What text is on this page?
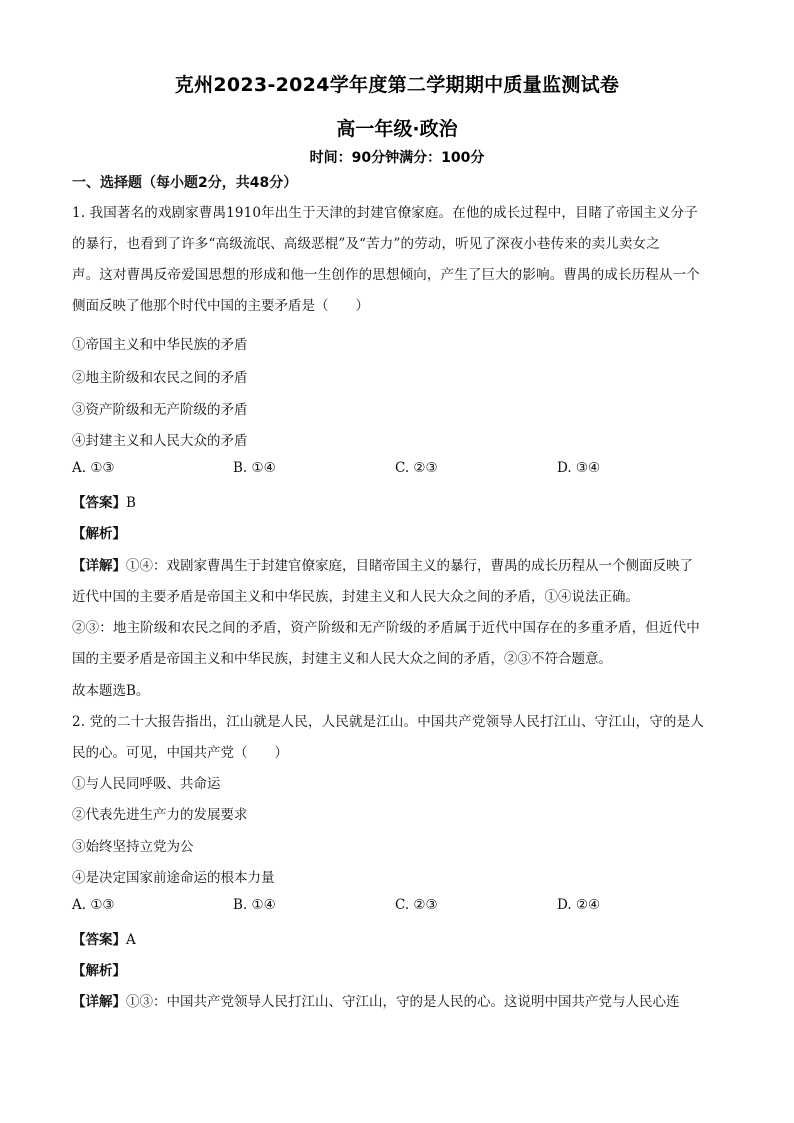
克州2023-2024学年度第二学期期中质量监测试卷
高一年级·政治
时间：90分钟满分：100分
一、选择题（每小题2分，共48分）
1. 我国著名的戏剧家曹禺1910年出生于天津的封建官僚家庭。在他的成长过程中，目睹了帝国主义分子
的暴行，也看到了许多“高级流氓、高级恶棍”及“苦力”的劳动，听见了深夜小巷传来的卖儿卖女之
声。这对曹禺反帝爱国思想的形成和他一生创作的思想倾向，产生了巨大的影响。曹禺的成长历程从一个
侧面反映了他那个时代中国的主要矛盾是（　　）
①帝国主义和中华民族的矛盾
②地主阶级和农民之间的矛盾
③资产阶级和无产阶级的矛盾
④封建主义和人民大众的矛盾
A. ①③	B. ①④	C. ②③	D. ③④
【答案】B
【解析】
【详解】①④：戏剧家曹禺生于封建官僚家庭，目睹帝国主义的暴行，曹禺的成长历程从一个侧面反映了
近代中国的主要矛盾是帝国主义和中华民族，封建主义和人民大众之间的矛盾，①④说法正确。
②③：地主阶级和农民之间的矛盾，资产阶级和无产阶级的矛盾属于近代中国存在的多重矛盾，但近代中
国的主要矛盾是帝国主义和中华民族，封建主义和人民大众之间的矛盾，②③不符合题意。
故本题选B。
2. 党的二十大报告指出，江山就是人民，人民就是江山。中国共产党领导人民打江山、守江山，守的是人
民的心。可见，中国共产党（　　）
①与人民同呼吸、共命运
②代表先进生产力的发展要求
③始终坚持立党为公
④是决定国家前途命运的根本力量
A. ①③	B. ①④	C. ②③	D. ②④
【答案】A
【解析】
【详解】①③：中国共产党领导人民打江山、守江山，守的是人民的心。这说明中国共产党与人民心连
